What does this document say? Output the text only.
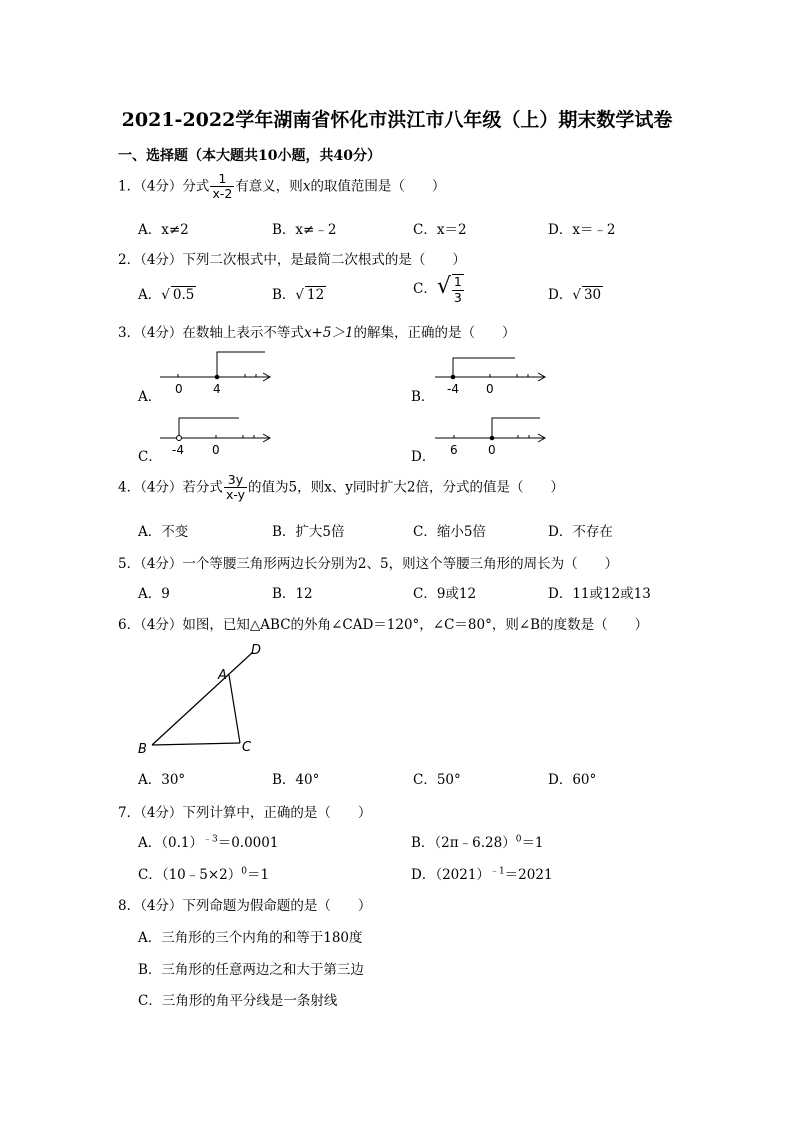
2021-2022学年湖南省怀化市洪江市八年级（上）期末数学试卷
一、选择题（本大题共10小题，共40分）
1．（4分）分式 $\frac{1}{x-2}$ 有意义，则x的取值范围是（　　）
A．x≠2	B．x≠﹣2	C．x＝2	D．x＝﹣2
2．（4分）下列二次根式中，是最简二次根式的是（　　）
A．√ 0.5	B．√ 12	C．√ $\frac{1}{3}$	D．√ 30
3．（4分）在数轴上表示不等式x+5＞1的解集，正确的是（　　）
A． 0	4	B． -4 0
C． -4 0	D． 6	0
4．（4分）若分式 $\frac{3y}{x-y}$ 的值为5，则x、y同时扩大2倍，分式的值是（　　）
A．不变	B．扩大5倍	C．缩小5倍	D．不存在
5．（4分）一个等腰三角形两边长分别为2、5，则这个等腰三角形的周长为（　　）
A．9	B．12	C．9或12	D．11或12或13
6．（4分）如图，已知△ABC的外角∠CAD＝120°，∠C＝80°，则∠B的度数是（　　）
A
B	C
D
A．30°	B．40°	C．50°	D．60°
7．（4分）下列计算中，正确的是（　　）
A．$(0.1)^{﹣3}=0.0001$	B．（2π﹣6.28）$^0$＝1
C．（10﹣5×2）$^0$＝1	D．$(2021)^{﹣1}=2021$
8．（4分）下列命题为假命题的是（　　）
A．三角形的三个内角的和等于180度
B．三角形的任意两边之和大于第三边
C．三角形的角平分线是一条射线
